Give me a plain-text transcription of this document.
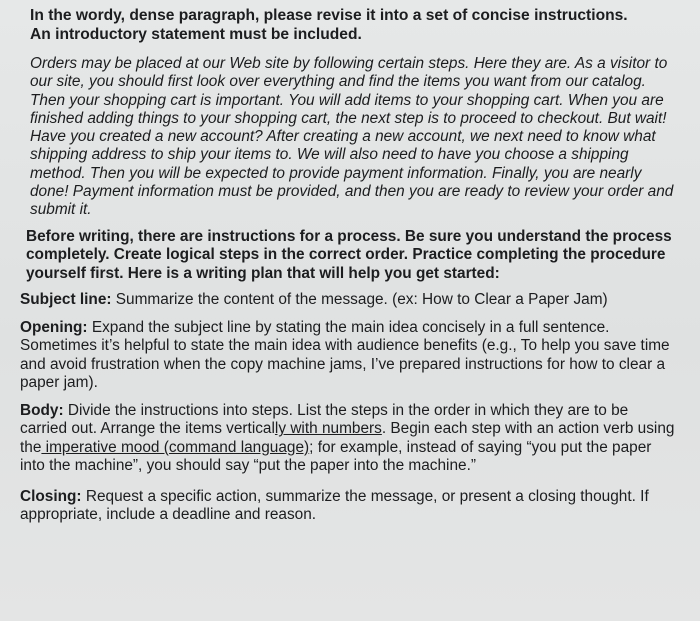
In the wordy, dense paragraph, please revise it into a set of concise instructions.
An introductory statement must be included.

Orders may be placed at our Web site by following certain steps. Here they are. As a visitor to our site, you should first look over everything and find the items you want from our catalog. Then your shopping cart is important. You will add items to your shopping cart. When you are finished adding things to your shopping cart, the next step is to proceed to checkout. But wait! Have you created a new account? After creating a new account, we next need to know what shipping address to ship your items to. We will also need to have you choose a shipping method. Then you will be expected to provide payment information. Finally, you are nearly done! Payment information must be provided, and then you are ready to review your order and submit it.

Before writing, there are instructions for a process. Be sure you understand the process completely. Create logical steps in the correct order. Practice completing the procedure yourself first. Here is a writing plan that will help you get started:

Subject line: Summarize the content of the message. (ex: How to Clear a Paper Jam)

Opening: Expand the subject line by stating the main idea concisely in a full sentence. Sometimes it’s helpful to state the main idea with audience benefits (e.g., To help you save time and avoid frustration when the copy machine jams, I’ve prepared instructions for how to clear a paper jam).

Body: Divide the instructions into steps. List the steps in the order in which they are to be carried out. Arrange the items vertically with numbers. Begin each step with an action verb using the imperative mood (command language); for example, instead of saying “you put the paper into the machine”, you should say “put the paper into the machine.”

Closing: Request a specific action, summarize the message, or present a closing thought. If appropriate, include a deadline and reason.
